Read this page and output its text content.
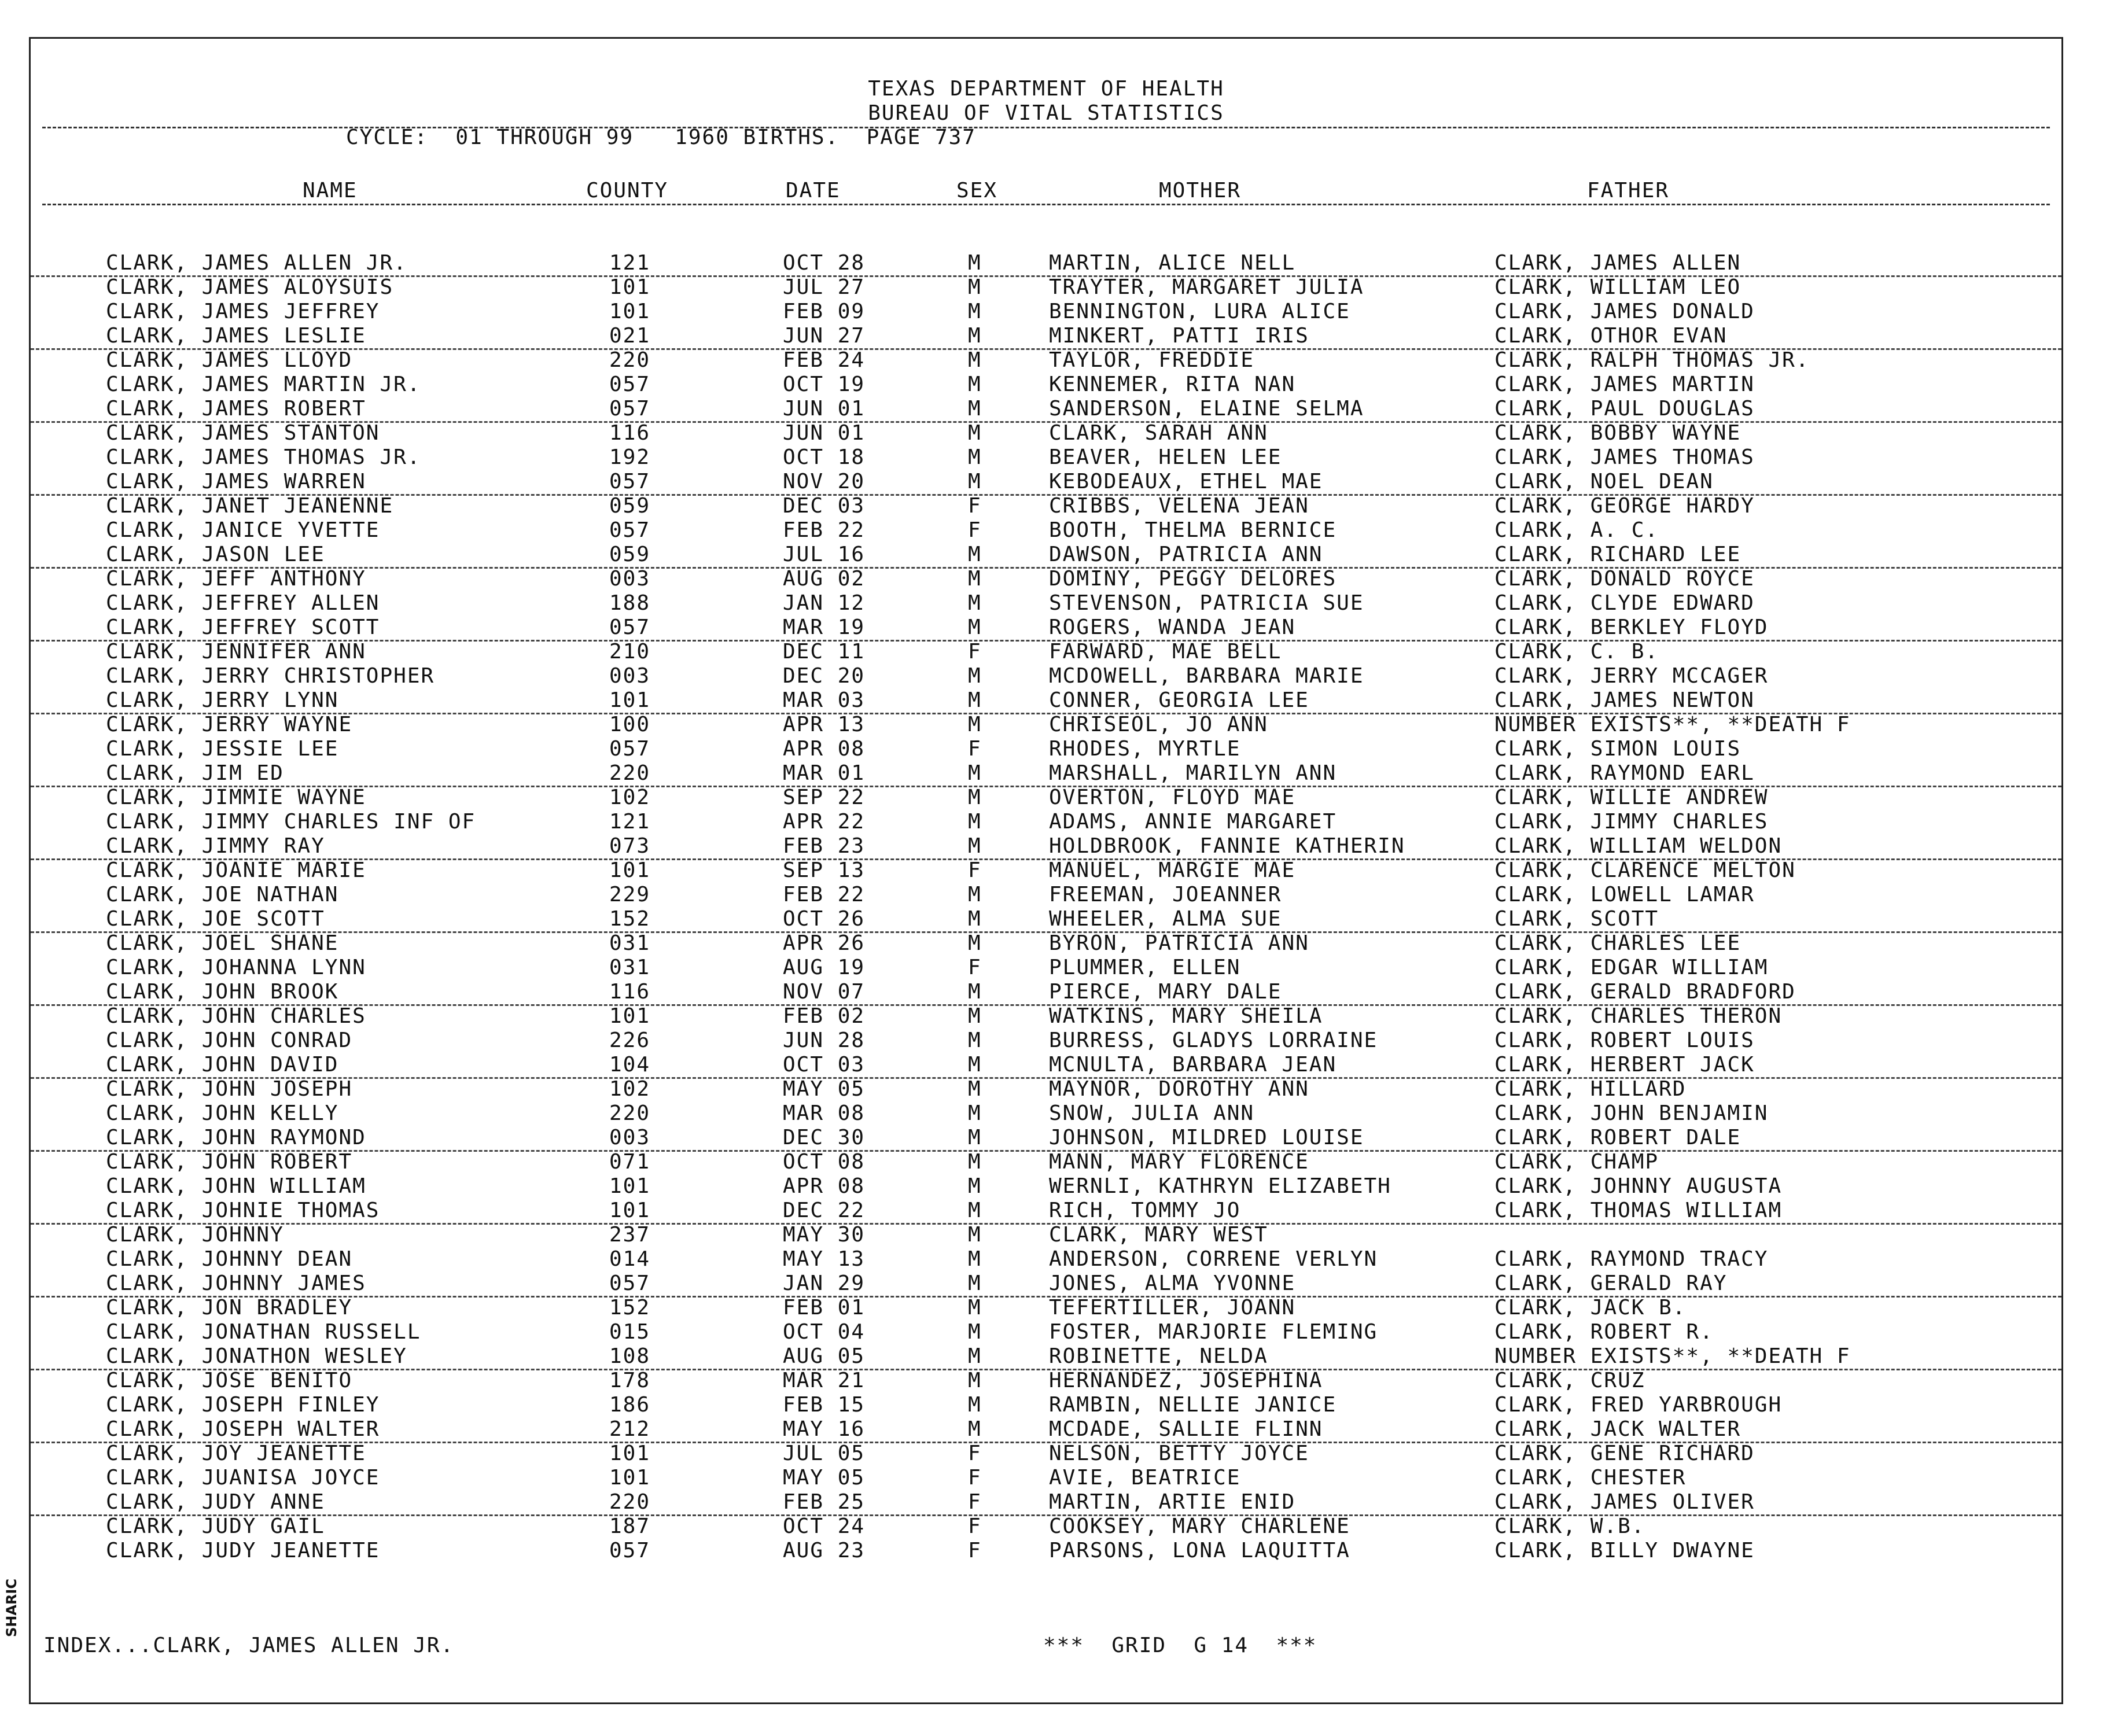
TEXAS DEPARTMENT OF HEALTH
BUREAU OF VITAL STATISTICS
CYCLE:  01 THROUGH 99   1960 BIRTHS.  PAGE 737
NAME	COUNTY	DATE	SEX	MOTHER	FATHER
CLARK, JAMES ALLEN JR.	121	OCT 28	M	MARTIN, ALICE NELL	CLARK, JAMES ALLEN
CLARK, JAMES ALOYSUIS	101	JUL 27	M	TRAYTER, MARGARET JULIA	CLARK, WILLIAM LEO
CLARK, JAMES JEFFREY	101	FEB 09	M	BENNINGTON, LURA ALICE	CLARK, JAMES DONALD
CLARK, JAMES LESLIE	021	JUN 27	M	MINKERT, PATTI IRIS	CLARK, OTHOR EVAN
CLARK, JAMES LLOYD	220	FEB 24	M	TAYLOR, FREDDIE	CLARK, RALPH THOMAS JR.
CLARK, JAMES MARTIN JR.	057	OCT 19	M	KENNEMER, RITA NAN	CLARK, JAMES MARTIN
CLARK, JAMES ROBERT	057	JUN 01	M	SANDERSON, ELAINE SELMA	CLARK, PAUL DOUGLAS
CLARK, JAMES STANTON	116	JUN 01	M	CLARK, SARAH ANN	CLARK, BOBBY WAYNE
CLARK, JAMES THOMAS JR.	192	OCT 18	M	BEAVER, HELEN LEE	CLARK, JAMES THOMAS
CLARK, JAMES WARREN	057	NOV 20	M	KEBODEAUX, ETHEL MAE	CLARK, NOEL DEAN
CLARK, JANET JEANENNE	059	DEC 03	F	CRIBBS, VELENA JEAN	CLARK, GEORGE HARDY
CLARK, JANICE YVETTE	057	FEB 22	F	BOOTH, THELMA BERNICE	CLARK, A. C.
CLARK, JASON LEE	059	JUL 16	M	DAWSON, PATRICIA ANN	CLARK, RICHARD LEE
CLARK, JEFF ANTHONY	003	AUG 02	M	DOMINY, PEGGY DELORES	CLARK, DONALD ROYCE
CLARK, JEFFREY ALLEN	188	JAN 12	M	STEVENSON, PATRICIA SUE	CLARK, CLYDE EDWARD
CLARK, JEFFREY SCOTT	057	MAR 19	M	ROGERS, WANDA JEAN	CLARK, BERKLEY FLOYD
CLARK, JENNIFER ANN	210	DEC 11	F	FARWARD, MAE BELL	CLARK, C. B.
CLARK, JERRY CHRISTOPHER	003	DEC 20	M	MCDOWELL, BARBARA MARIE	CLARK, JERRY MCCAGER
CLARK, JERRY LYNN	101	MAR 03	M	CONNER, GEORGIA LEE	CLARK, JAMES NEWTON
CLARK, JERRY WAYNE	100	APR 13	M	CHRISEOL, JO ANN	NUMBER EXISTS**, **DEATH F
CLARK, JESSIE LEE	057	APR 08	F	RHODES, MYRTLE	CLARK, SIMON LOUIS
CLARK, JIM ED	220	MAR 01	M	MARSHALL, MARILYN ANN	CLARK, RAYMOND EARL
CLARK, JIMMIE WAYNE	102	SEP 22	M	OVERTON, FLOYD MAE	CLARK, WILLIE ANDREW
CLARK, JIMMY CHARLES INF OF	121	APR 22	M	ADAMS, ANNIE MARGARET	CLARK, JIMMY CHARLES
CLARK, JIMMY RAY	073	FEB 23	M	HOLDBROOK, FANNIE KATHERIN	CLARK, WILLIAM WELDON
CLARK, JOANIE MARIE	101	SEP 13	F	MANUEL, MARGIE MAE	CLARK, CLARENCE MELTON
CLARK, JOE NATHAN	229	FEB 22	M	FREEMAN, JOEANNER	CLARK, LOWELL LAMAR
CLARK, JOE SCOTT	152	OCT 26	M	WHEELER, ALMA SUE	CLARK, SCOTT
CLARK, JOEL SHANE	031	APR 26	M	BYRON, PATRICIA ANN	CLARK, CHARLES LEE
CLARK, JOHANNA LYNN	031	AUG 19	F	PLUMMER, ELLEN	CLARK, EDGAR WILLIAM
CLARK, JOHN BROOK	116	NOV 07	M	PIERCE, MARY DALE	CLARK, GERALD BRADFORD
CLARK, JOHN CHARLES	101	FEB 02	M	WATKINS, MARY SHEILA	CLARK, CHARLES THERON
CLARK, JOHN CONRAD	226	JUN 28	M	BURRESS, GLADYS LORRAINE	CLARK, ROBERT LOUIS
CLARK, JOHN DAVID	104	OCT 03	M	MCNULTA, BARBARA JEAN	CLARK, HERBERT JACK
CLARK, JOHN JOSEPH	102	MAY 05	M	MAYNOR, DOROTHY ANN	CLARK, HILLARD
CLARK, JOHN KELLY	220	MAR 08	M	SNOW, JULIA ANN	CLARK, JOHN BENJAMIN
CLARK, JOHN RAYMOND	003	DEC 30	M	JOHNSON, MILDRED LOUISE	CLARK, ROBERT DALE
CLARK, JOHN ROBERT	071	OCT 08	M	MANN, MARY FLORENCE	CLARK, CHAMP
CLARK, JOHN WILLIAM	101	APR 08	M	WERNLI, KATHRYN ELIZABETH	CLARK, JOHNNY AUGUSTA
CLARK, JOHNIE THOMAS	101	DEC 22	M	RICH, TOMMY JO	CLARK, THOMAS WILLIAM
CLARK, JOHNNY	237	MAY 30	M	CLARK, MARY WEST
CLARK, JOHNNY DEAN	014	MAY 13	M	ANDERSON, CORRENE VERLYN	CLARK, RAYMOND TRACY
CLARK, JOHNNY JAMES	057	JAN 29	M	JONES, ALMA YVONNE	CLARK, GERALD RAY
CLARK, JON BRADLEY	152	FEB 01	M	TEFERTILLER, JOANN	CLARK, JACK B.
CLARK, JONATHAN RUSSELL	015	OCT 04	M	FOSTER, MARJORIE FLEMING	CLARK, ROBERT R.
CLARK, JONATHON WESLEY	108	AUG 05	M	ROBINETTE, NELDA	NUMBER EXISTS**, **DEATH F
CLARK, JOSE BENITO	178	MAR 21	M	HERNANDEZ, JOSEPHINA	CLARK, CRUZ
CLARK, JOSEPH FINLEY	186	FEB 15	M	RAMBIN, NELLIE JANICE	CLARK, FRED YARBROUGH
CLARK, JOSEPH WALTER	212	MAY 16	M	MCDADE, SALLIE FLINN	CLARK, JACK WALTER
CLARK, JOY JEANETTE	101	JUL 05	F	NELSON, BETTY JOYCE	CLARK, GENE RICHARD
CLARK, JUANISA JOYCE	101	MAY 05	F	AVIE, BEATRICE	CLARK, CHESTER
CLARK, JUDY ANNE	220	FEB 25	F	MARTIN, ARTIE ENID	CLARK, JAMES OLIVER
CLARK, JUDY GAIL	187	OCT 24	F	COOKSEY, MARY CHARLENE	CLARK, W.B.
CLARK, JUDY JEANETTE	057	AUG 23	F	PARSONS, LONA LAQUITTA	CLARK, BILLY DWAYNE
INDEX...CLARK, JAMES ALLEN JR.	***  GRID  G 14  ***
SHARIC
